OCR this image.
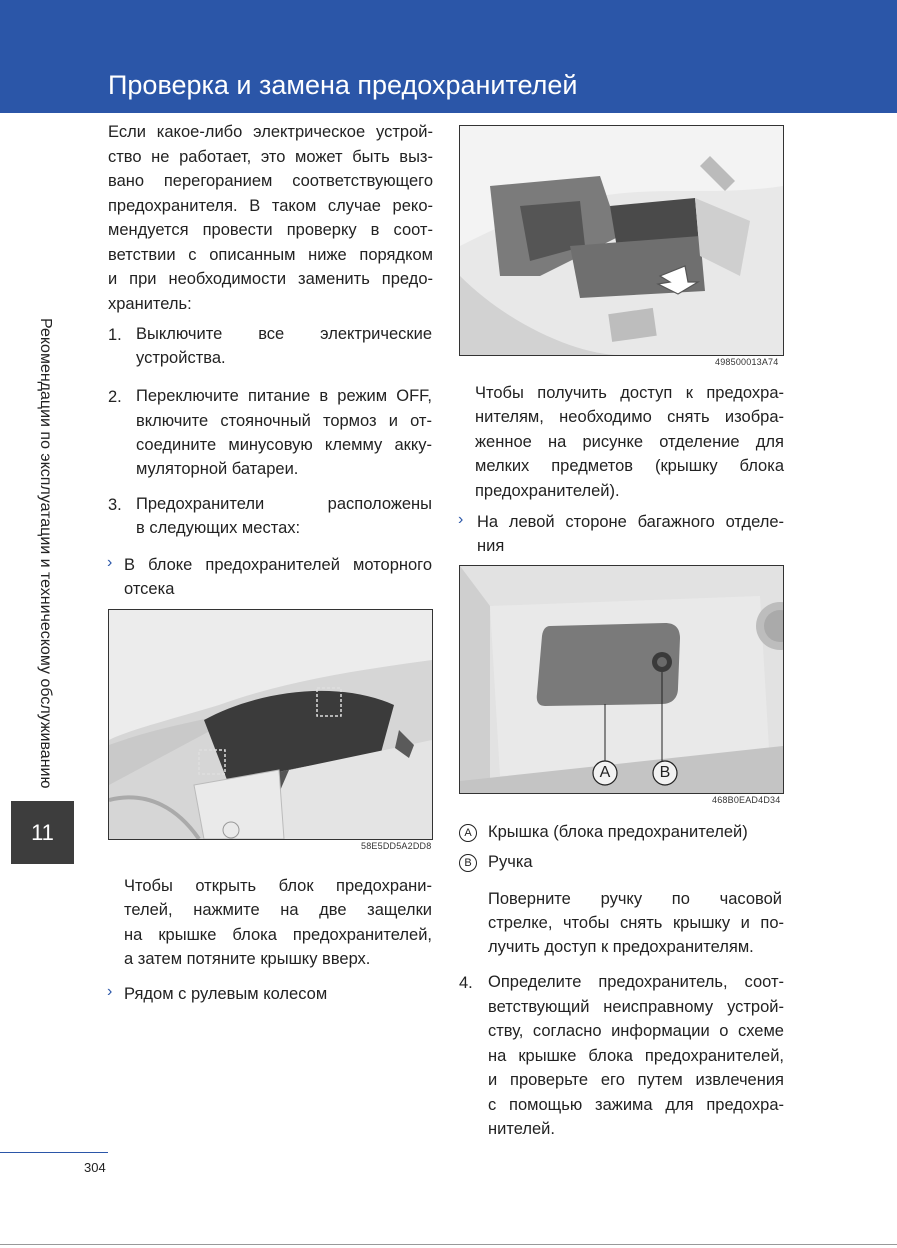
Проверка и замена предохранителей
Рекомендации по эксплуатации и техническому обслуживанию
11
Если какое-либо электрическое устрой-
ство не работает, это может быть выз-
вано перегоранием соответствующего
предохранителя. В таком случае реко-
мендуется провести проверку в соот-
ветствии с описанным ниже порядком
и при необходимости заменить предо-
хранитель:
1. Выключите все электрические
устройства.
2. Переключите питание в режим OFF,
включите стояночный тормоз и от-
соедините минусовую клемму акку-
муляторной батареи.
3. Предохранители расположены
в следующих местах:
› В блоке предохранителей моторного
отсека
58E5DD5A2DD8
Чтобы открыть блок предохрани-
телей, нажмите на две защелки
на крышке блока предохранителей,
а затем потяните крышку вверх.
› Рядом с рулевым колесом
498500013A74
Чтобы получить доступ к предохра-
нителям, необходимо снять изобра-
женное на рисунке отделение для
мелких предметов (крышку блока
предохранителей).
› На левой стороне багажного отделе-
ния
A	B
468B0EAD4D34
A Крышка (блока предохранителей)
B Ручка
Поверните ручку по часовой
стрелке, чтобы снять крышку и по-
лучить доступ к предохранителям.
4. Определите предохранитель, соот-
ветствующий неисправному устрой-
ству, согласно информации о схеме
на крышке блока предохранителей,
и проверьте его путем извлечения
с помощью зажима для предохра-
нителей.
304
